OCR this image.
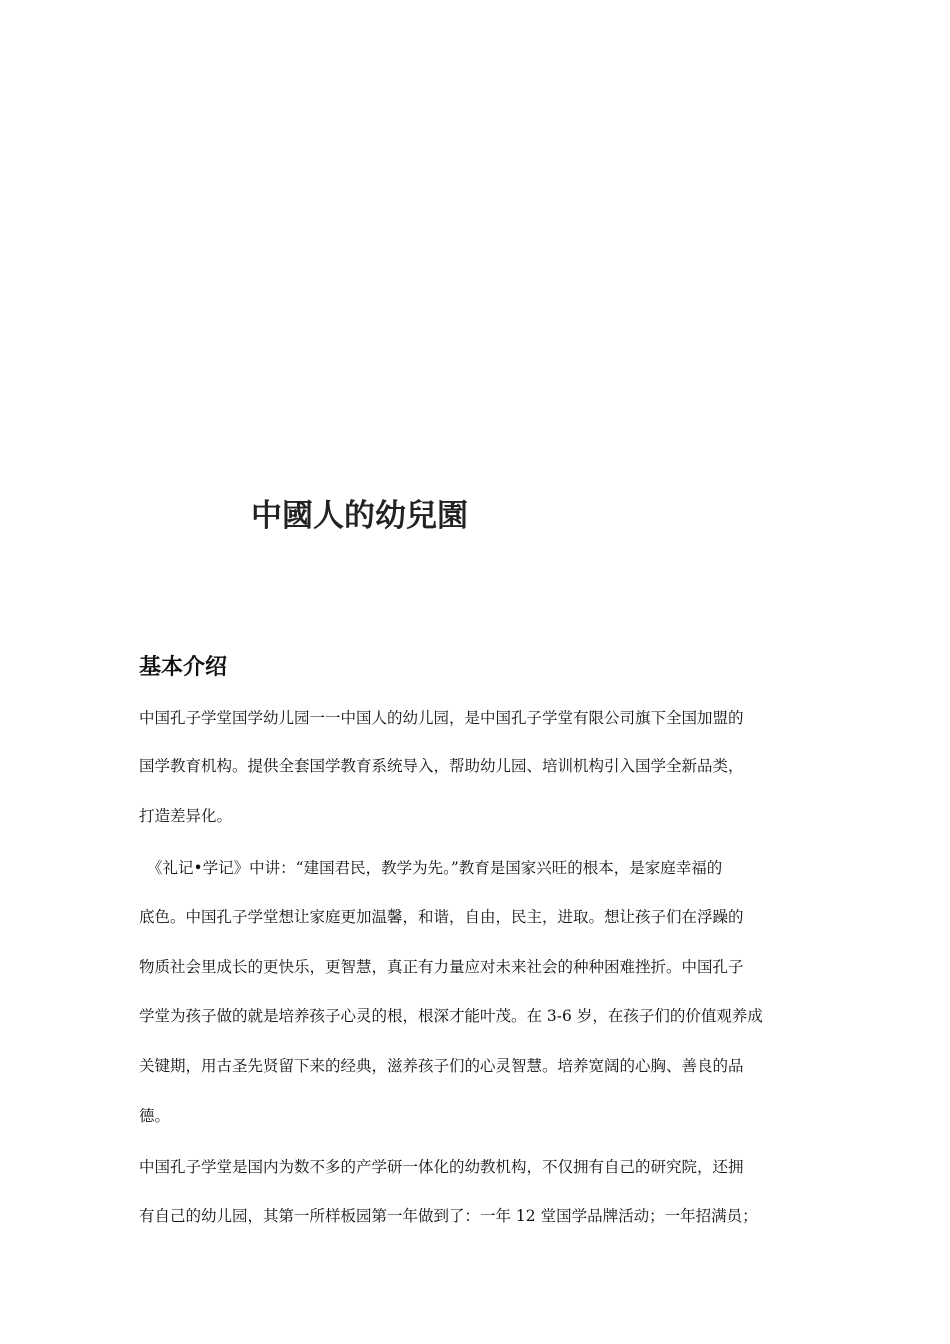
中國人的幼兒園
基本介绍

中国孔子学堂国学幼儿园一一中国人的幼儿园，是中国孔子学堂有限公司旗下全国加盟的

国学教育机构。提供全套国学教育系统导入，帮助幼儿园、培训机构引入国学全新品类，

打造差异化。

《礼记•学记》中讲：“建国君民，教学为先。”教育是国家兴旺的根本，是家庭幸福的

底色。中国孔子学堂想让家庭更加温馨，和谐，自由，民主，进取。想让孩子们在浮躁的

物质社会里成长的更快乐，更智慧，真正有力量应对未来社会的种种困难挫折。中国孔子

学堂为孩子做的就是培养孩子心灵的根，根深才能叶茂。在 3-6 岁，在孩子们的价值观养成

关键期，用古圣先贤留下来的经典，滋养孩子们的心灵智慧。培养宽阔的心胸、善良的品

德。

中国孔子学堂是国内为数不多的产学研一体化的幼教机构，不仅拥有自己的研究院，还拥

有自己的幼儿园，其第一所样板园第一年做到了：一年 12 堂国学品牌活动；一年招满员；
